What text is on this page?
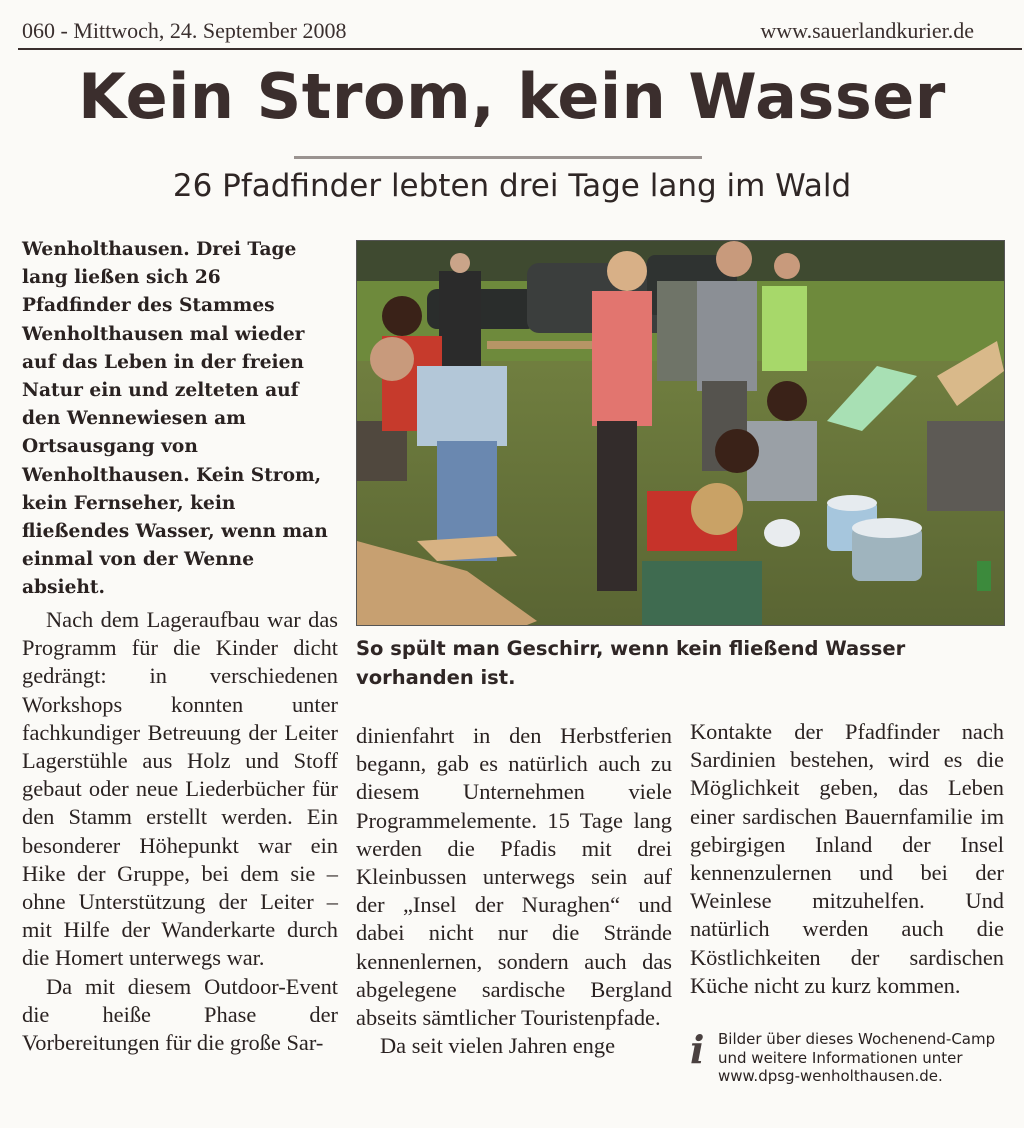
060 - Mittwoch, 24. September 2008	www.sauerlandkurier.de
Kein Strom, kein Wasser
26 Pfadfinder lebten drei Tage lang im Wald
Wenholthausen. Drei Tage lang ließen sich 26 Pfadfinder des Stammes Wenholthausen mal wieder auf das Leben in der freien Natur ein und zelteten auf den Wennewiesen am Ortsausgang von Wenholthausen. Kein Strom, kein Fernseher, kein fließendes Wasser, wenn man einmal von der Wenne absieht.
So spült man Geschirr, wenn kein fließend Wasser vorhanden ist.

Nach dem Lageraufbau war das Programm für die Kinder dicht gedrängt: in verschiedenen Workshops konnten unter fachkundiger Betreuung der Leiter Lagerstühle aus Holz und Stoff gebaut oder neue Liederbücher für den Stamm erstellt werden. Ein besonderer Höhepunkt war ein Hike der Gruppe, bei dem sie – ohne Unterstützung der Leiter – mit Hilfe der Wanderkarte durch die Homert unterwegs war.

Da mit diesem Outdoor-Event die heiße Phase der Vorbereitungen für die große Sar-

dinienfahrt in den Herbstferien begann, gab es natürlich auch zu diesem Unternehmen viele Programmelemente. 15 Tage lang werden die Pfadis mit drei Kleinbussen unterwegs sein auf der „Insel der Nuraghen“ und dabei nicht nur die Strände kennenlernen, sondern auch das abgelegene sardische Bergland abseits sämtlicher Touristenpfade.

Da seit vielen Jahren enge

Kontakte der Pfadfinder nach Sardinien bestehen, wird es die Möglichkeit geben, das Leben einer sardischen Bauernfamilie im gebirgigen Inland der Insel kennenzulernen und bei der Weinlese mitzuhelfen. Und natürlich werden auch die Köstlichkeiten der sardischen Küche nicht zu kurz kommen.

i Bilder über dieses Wochenend-Camp und weitere Informationen unter www.dpsg-wenholthausen.de.
